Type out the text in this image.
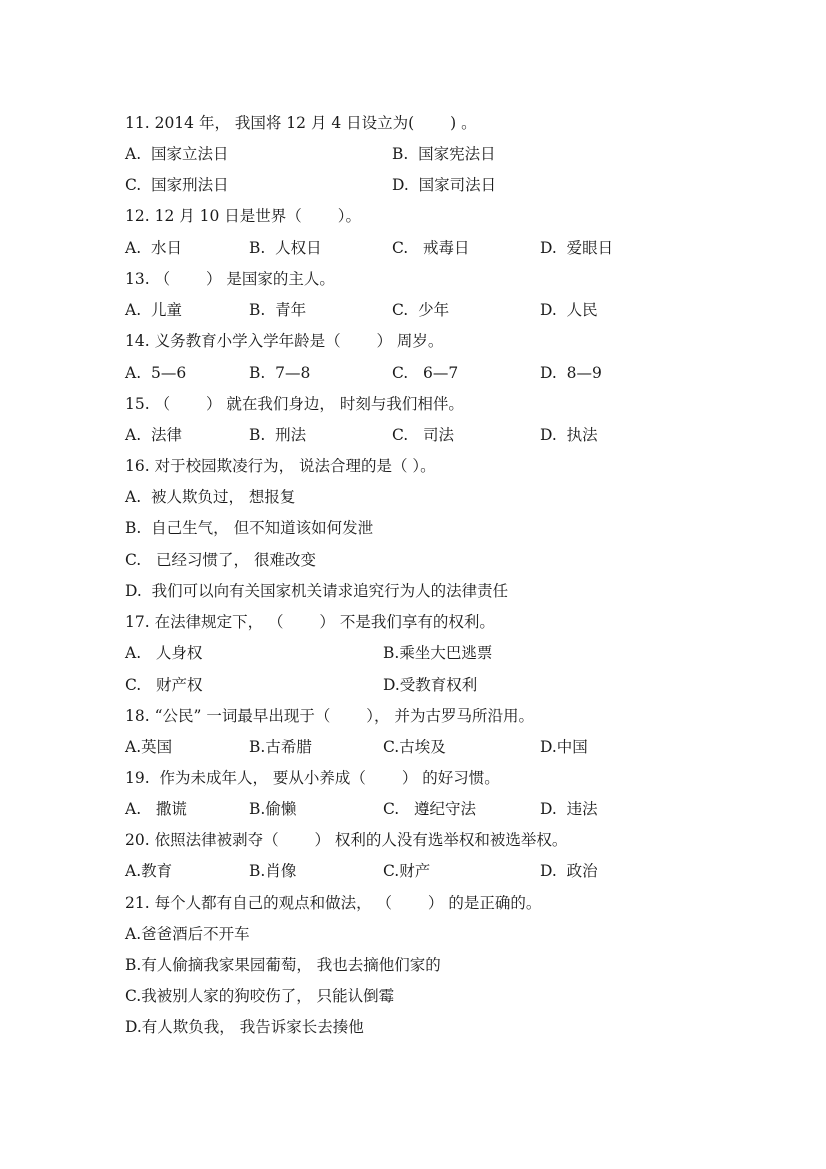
11. 2014 年， 我国将 12 月 4 日设立为(　　 ) 。
A.  国家立法日	B.  国家宪法日
C.  国家刑法日	D.  国家司法日
12. 12 月 10 日是世界（　　 ）。
A.  水日	B.  人权日	C.   戒毒日	D.  爱眼日
13. （　　 ） 是国家的主人。
A.  儿童	B.  青年	C.  少年	D.  人民
14. 义务教育小学入学年龄是（　　 ） 周岁。
A.  5—6	B.  7—8	C.   6—7	D.  8—9
15. （　　 ） 就在我们身边， 时刻与我们相伴。
A.  法律	B.  刑法	C.   司法	D.  执法
16. 对于校园欺凌行为， 说法合理的是（ ）。
A.  被人欺负过， 想报复
B.  自己生气， 但不知道该如何发泄
C.   已经习惯了， 很难改变
D.  我们可以向有关国家机关请求追究行为人的法律责任
17. 在法律规定下， （　　 ） 不是我们享有的权利。
A.   人身权	B.乘坐大巴逃票
C.   财产权	D.受教育权利
18. “公民” 一词最早出现于（　　 ）， 并为古罗马所沿用。
A.英国	B.古希腊	C.古埃及	D.中国
19.  作为未成年人， 要从小养成（　　 ） 的好习惯。
A.   撒谎	B.偷懒	C.   遵纪守法	D.  违法
20. 依照法律被剥夺（　　 ） 权利的人没有选举权和被选举权。
A.教育	B.肖像	C.财产	D.  政治
21. 每个人都有自己的观点和做法， （　　 ） 的是正确的。
A.爸爸酒后不开车
B.有人偷摘我家果园葡萄， 我也去摘他们家的
C.我被别人家的狗咬伤了， 只能认倒霉
D.有人欺负我， 我告诉家长去揍他
